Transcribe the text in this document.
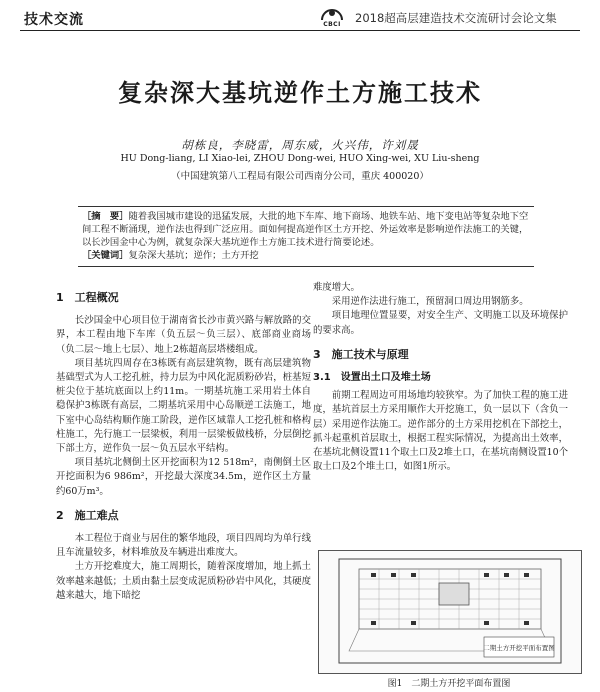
技术交流	CBCI	2018超高层建造技术交流研讨会论文集
复杂深大基坑逆作土方施工技术
胡栋良，李晓雷，周东威，火兴伟，许刘晟
HU Dong-liang, LI Xiao-lei, ZHOU Dong-wei, HUO Xing-wei, XU Liu-sheng
（中国建筑第八工程局有限公司西南分公司，重庆 400020）

［摘　要］随着我国城市建设的迅猛发展，大批的地下车库、地下商场、地铁车站、地下变电站等复杂地下空间工程不断涌现，逆作法也得到广泛应用。面如何提高逆作区土方开挖、外运效率是影响逆作法施工的关键，以长沙国金中心为例，就复杂深大基坑逆作土方施工技术进行简要论述。

［关键词］复杂深大基坑；逆作；土方开挖

1　工程概况

长沙国金中心项目位于湖南省长沙市黄兴路与解放路的交界，本工程由地下车库（负五层～负三层）、底部商业商场（负二层～地上七层）、地上2栋超高层塔楼组成。

项目基坑四周存在3栋既有高层建筑物，既有高层建筑物基础型式为人工挖孔桩，持力层为中风化泥质粉砂岩，桩基短桩尖位于基坑底面以上约11m。一期基坑施工采用岩土体自稳保护3栋既有高层，二期基坑采用中心岛顺逆工法施工，地下室中心岛结构顺作施工阶段，逆作区域靠人工挖孔桩和格构柱施工，先行施工一层梁板，利用一层梁板做栈桥，分层倒挖下部土方，逆作负一层～负五层水平结构。

项目基坑北侧倒土区开挖面积为12 518m²，南侧倒土区开挖面积为6 986m²，开挖最大深度34.5m，逆作区土方量约60万m³。

2　施工难点

本工程位于商业与居住的繁华地段，项目四周均为单行线且车流量较多，材料堆放及车辆进出难度大。

土方开挖难度大，施工周期长，随着深度增加，地上抓土效率越来越低；土质由黏土层变成泥质粉砂岩中风化，其硬度越来越大，地下暗挖

难度增大。

采用逆作法进行施工，预留洞口周边用钢筋多。

项目地理位置显要，对安全生产、文明施工以及环境保护的要求高。

3　施工技术与原理
3.1　设置出土口及堆土场

前期工程周边可用场地均较狭窄。为了加快工程的施工进度，基坑首层土方采用顺作大开挖施工，负一层以下（含负一层）采用逆作法施工。逆作部分的土方采用挖机在下部挖土，抓斗起重机首层取土，根据工程实际情况，为提高出土效率，在基坑北侧设置11个取土口及2堆土口，在基坑南侧设置10个取土口及2个堆土口，如图1所示。

二期土方开挖平面布置图
图1　二期土方开挖平面布置图
